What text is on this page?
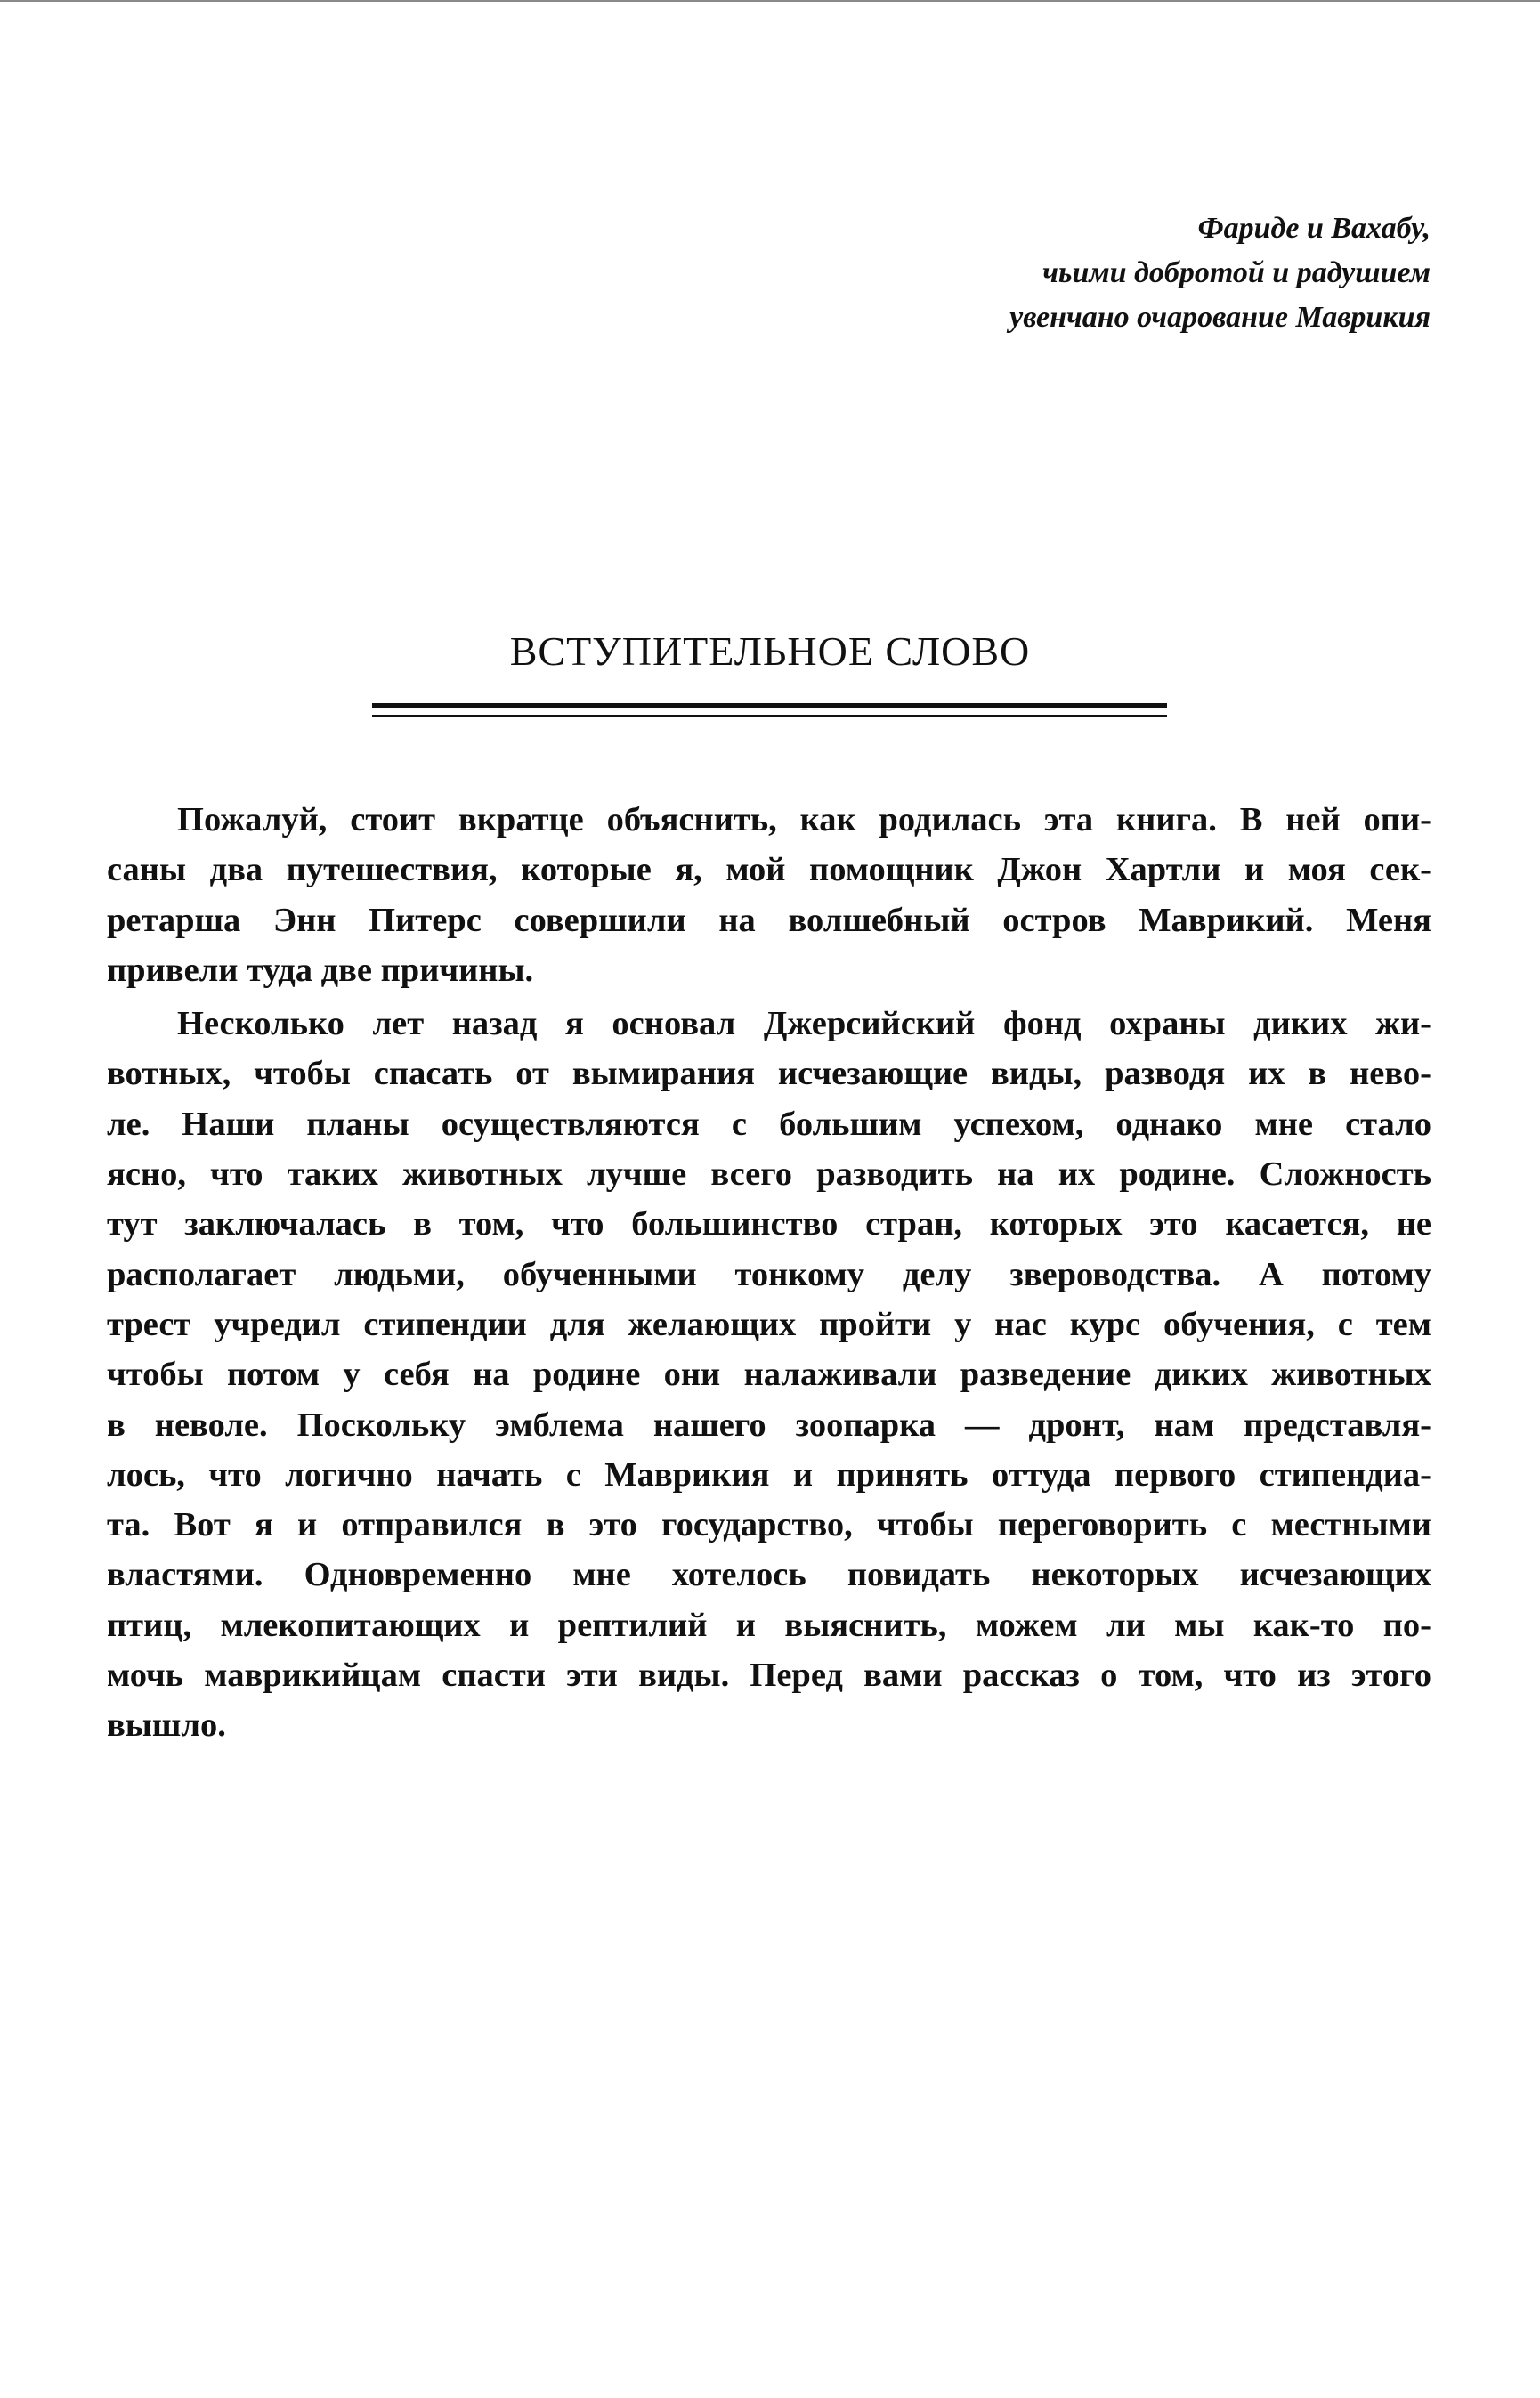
Фариде и Вахабу,
чьими добротой и радушием
увенчано очарование Маврикия
ВСТУПИТЕЛЬНОЕ СЛОВО

Пожалуй, стоит вкратце объяснить, как родилась эта книга. В ней опи-
саны два путешествия, которые я, мой помощник Джон Хартли и моя сек-
ретарша Энн Питерс совершили на волшебный остров Маврикий. Меня
привели туда две причины.

Несколько лет назад я основал Джерсийский фонд охраны диких жи-
вотных, чтобы спасать от вымирания исчезающие виды, разводя их в нево-
ле. Наши планы осуществляются с большим успехом, однако мне стало
ясно, что таких животных лучше всего разводить на их родине. Сложность
тут заключалась в том, что большинство стран, которых это касается, не
располагает людьми, обученными тонкому делу звероводства. А потому
трест учредил стипендии для желающих пройти у нас курс обучения, с тем
чтобы потом у себя на родине они налаживали разведение диких животных
в неволе. Поскольку эмблема нашего зоопарка — дронт, нам представля-
лось, что логично начать с Маврикия и принять оттуда первого стипендиа-
та. Вот я и отправился в это государство, чтобы переговорить с местными
властями. Одновременно мне хотелось повидать некоторых исчезающих
птиц, млекопитающих и рептилий и выяснить, можем ли мы как-то по-
мочь маврикийцам спасти эти виды. Перед вами рассказ о том, что из этого
вышло.
